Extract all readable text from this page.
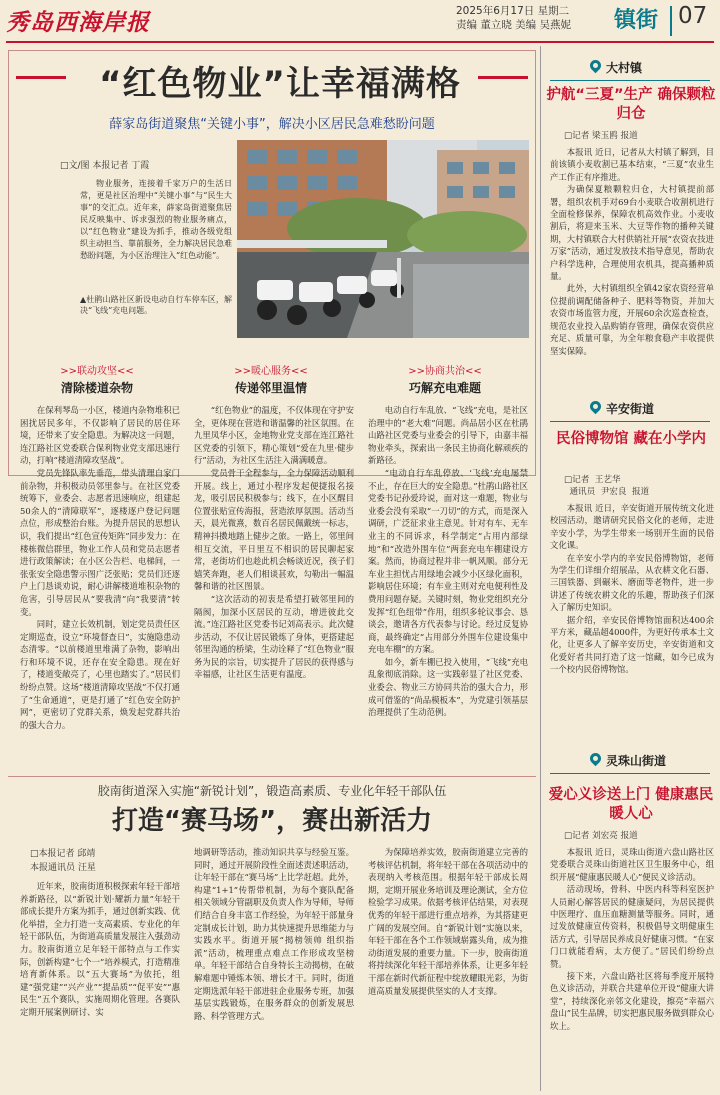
秀岛西海岸报	2025年6月17日 星期二
责编 董立晓 美编 吴燕妮 镇街 07
“红色物业”让幸福满格
薛家岛街道聚焦“关键小事”，解决小区居民急难愁盼问题
□文/图 本报记者 丁霞
物业服务，连接着千家万户的生活日常，更是社区治理中“关键小事”与“民生大事”的交汇点。近年来，薛家岛街道聚焦居民反映集中、诉求强烈的物业服务痛点，以“红色物业”建设为抓手，推动各级党组织主动担当、靠前服务，全力解决居民急难愁盼问题，为小区治理注入“红色动能”。
▲杜鹃山路社区新设电动自行车停车区，解决“飞线”充电问题。
>>联动攻坚<<
清除楼道杂物
>>暖心服务<<
传递邻里温情
>>协商共治<<
巧解充电难题

在保利琴岛一小区，楼道内杂物堆积已困扰居民多年，不仅影响了居民的居住环境，还带来了安全隐患。为解决这一问题，连江路社区党委联合保利物业党支部迅速行动，打响“楼道清障攻坚战”。

党员先锋队率先垂范，带头清理自家门前杂物，并积极动员邻里参与。在社区党委统筹下，业委会、志愿者迅速响应，组建起50余人的“清障联军”，逐楼逐户登记问题点位，形成整治台账。为提升居民的思想认识，我们提出“红色宣传矩阵”同步发力：在楼栋微信群里，物业工作人员和党员志愿者进行政策解读；在小区公告栏、电梯间，一张张安全隐患警示图广泛张贴；党员们还逐户上门恳谈劝说，耐心讲解楼道堆积杂物的危害，引导居民从“要我清”向“我要清”转变。

同时，建立长效机制，划定党员责任区定期巡查，设立“环境督查日”，实施隐患动态清零。“以前楼道里堆满了杂物，影响出行和环境不说，还存在安全隐患。现在好了，楼道变敞亮了，心里也踏实了。”居民们纷纷点赞。这场“楼道清障攻坚战”不仅打通了“生命通道”，更是打通了“红色安全防护网”，更密切了党群关系，焕发起党群共治的强大合力。

“红色物业”的温度，不仅体现在守护安全，更体现在营造和谐温馨的社区氛围。在九里凤华小区，金地物业党支部在连江路社区党委的引领下，精心策划“爱在九里·健步行”活动，为社区生活注入满满暖意。

党员骨干全程参与，全力保障活动顺利开展。线上，通过小程序发起便捷报名接龙，吸引居民积极参与；线下，在小区醒目位置张贴宣传海报，营造浓厚氛围。活动当天，晨光微熹，数百名居民佩戴统一标志，精神抖擞地踏上健步之旅。一路上，邻里间相互交流，平日里互不相识的居民聊起家常，老街坊们也趁此机会畅谈近况，孩子们嬉笑奔跑，老人们相谈甚欢，勾勒出一幅温馨和谐的社区图景。

“这次活动的初衷是希望打破邻里间的隔阂，加深小区居民的互动，增进彼此交流。”连江路社区党委书记刘高表示。此次健步活动，不仅让居民锻炼了身体，更搭建起邻里沟通的桥梁，生动诠释了“红色物业”服务为民的宗旨，切实提升了居民的获得感与幸福感，让社区生活更有温度。

电动自行车乱放、“飞线”充电，是社区治理中的“老大难”问题。尚品居小区在杜鹃山路社区党委与业委会的引导下，由嘉丰福物业牵头，探索出一条民主协商化解顽疾的新路径。

“电动自行车乱停放、‘飞线’充电屡禁不止，存在巨大的安全隐患。”杜鹃山路社区党委书记孙爱玲说，面对这一难题，物业与业委会没有采取“一刀切”的方式，而是深入调研，广泛征求业主意见。针对有车、无车业主的不同诉求，科学制定“占用内部绿地”和“改造外围车位”两套充电车棚建设方案。然而，协商过程并非一帆风顺。部分无车业主担忧占用绿地会减少小区绿化面积，影响居住环境；有车业主则对充电便利性及费用问题存疑。关键时刻，物业党组织充分发挥“红色纽带”作用，组织多轮议事会、恳谈会，邀请各方代表参与讨论。经过反复协商，最终确定“占用部分外围车位建设集中充电车棚”的方案。

如今，新车棚已投入使用，“飞线”充电乱象彻底消除。这一实践彰显了社区党委、业委会、物业三方协同共治的强大合力，形成可借鉴的“尚品模板本”，为党建引领基层治理提供了生动范例。

胶南街道深入实施“新锐计划”，锻造高素质、专业化年轻干部队伍
打造“赛马场”，赛出新活力
□本报记者 邱靖
本报通讯员 汪星
近年来，胶南街道积极探索年轻干部培养新路径，以“新锐计划·耀新力量”年轻干部成长提升方案为抓手，通过创新实践、优化举措，全力打造一支高素质、专业化的年轻干部队伍，为街道高质量发展注入强劲动力。胶南街道立足年轻干部特点与工作实际，创新构建“七个一”培养模式，打造精准培育新体系。以“五大赛场”为依托，组建“强党建”“兴产业”“提品质”“促平安”“惠民生”五个赛队，实施周期化管理。各赛队定期开展案例研讨、实
地调研等活动，推动知识共享与经验互鉴。同时，通过开展阶段性全面述责述职活动，让年轻干部在“赛马场”上比学赶超。此外，构建“1+1”传帮带机制，为每个赛队配备相关领域分管副职及负责人作为导师，导师们结合自身丰富工作经验，为年轻干部量身定制成长计划，助力其快速提升思维能力与实践水平。街道开展“揭榜领帅 组织指派”活动，梳理重点难点工作形成攻坚榜单。年轻干部结合自身特长主动揭榜，在破解难题中锤炼本领、增长才干。同时，街道定期选派年轻干部进驻企业服务专班，加强基层实践锻炼，在服务群众的创新发展思路、科学管理方式。
为保障培养实效，胶南街道建立完善的考核评估机制，将年轻干部在各项活动中的表现纳入考核范围。根据年轻干部成长周期，定期开展业务培训及理论测试，全方位检验学习成果。依据考核评估结果，对表现优秀的年轻干部进行重点培养，为其搭建更广阔的发展空间。自“新锐计划”实施以来，年轻干部在各个工作领域崭露头角，成为推动街道发展的重要力量。下一步，胶南街道将持续深化年轻干部培养体系，让更多年轻干部在新时代新征程中绽放耀眼光彩，为街道高质量发展提供坚实的人才支撑。
大村镇
护航“三夏”生产 确保颗粒归仓
□记者 梁玉鸥 报道

本报讯 近日，记者从大村镇了解到，目前该镇小麦收割已基本结束，“三夏”农业生产工作正有序推进。

为确保夏粮颗粒归仓，大村镇提前部署，组织农机手对69台小麦联合收割机进行全面检修保养，保障农机高效作业。小麦收割后，将迎来玉米、大豆等作物的播种关键期，大村镇联合大村供销社开展“农资农技进万家”活动，通过发放技术指导意见，帮助农户科学选种，合理使用农机具，提高播种质量。

此外，大村镇组织全镇42家农资经营单位提前调配储备种子、肥料等物资，并加大农资市场监管力度，开展60余次巡查检查，规范农业投入品购销存管理，确保农资供应充足、质量可靠，为全年粮食稳产丰收提供坚实保障。

辛安街道
民俗博物馆 藏在小学内
□记者  王艺华
通讯员  尹宏良  报道

本报讯 近日，辛安街道开展传统文化进校园活动，邀请研究民俗文化的老师，走进辛安小学，为学生带来一场别开生面的民俗文化课。

在辛安小学内的辛安民俗博物馆，老师为学生们详细介绍展品，从农耕文化石器、三国铁器、到碾米、磨面等老物件，进一步讲述了传统农耕文化的乐趣，帮助孩子们深入了解历史知识。

据介绍，辛安民俗博物馆面积达400余平方米，藏品超4000件，为更好传承本土文化，让更多人了解辛安历史，辛安街道和文化爱好者共同打造了这一馆藏，如今已成为一个校内民俗博物馆。

灵珠山街道
爱心义诊送上门 健康惠民暖人心
□记者 刘宏亮 报道

本报讯 近日，灵珠山街道六盘山路社区党委联合灵珠山街道社区卫生服务中心，组织开展“健康惠民暖人心”便民义诊活动。

活动现场，骨科、中医内科等科室医护人员耐心解答居民的健康疑问，为居民提供中医理疗、血压血糖测量等服务。同时，通过发放健康宣传资料，积极倡导文明健康生活方式，引导居民养成良好健康习惯。“在家门口就能看病，太方便了。”居民们纷纷点赞。

接下来，六盘山路社区将每季度开展特色义诊活动，并联合共建单位开设“健康大讲堂”，持续深化亲邻文化建设，擦亮“幸福六盘山”民生品牌，切实把惠民服务做到群众心坎上。
